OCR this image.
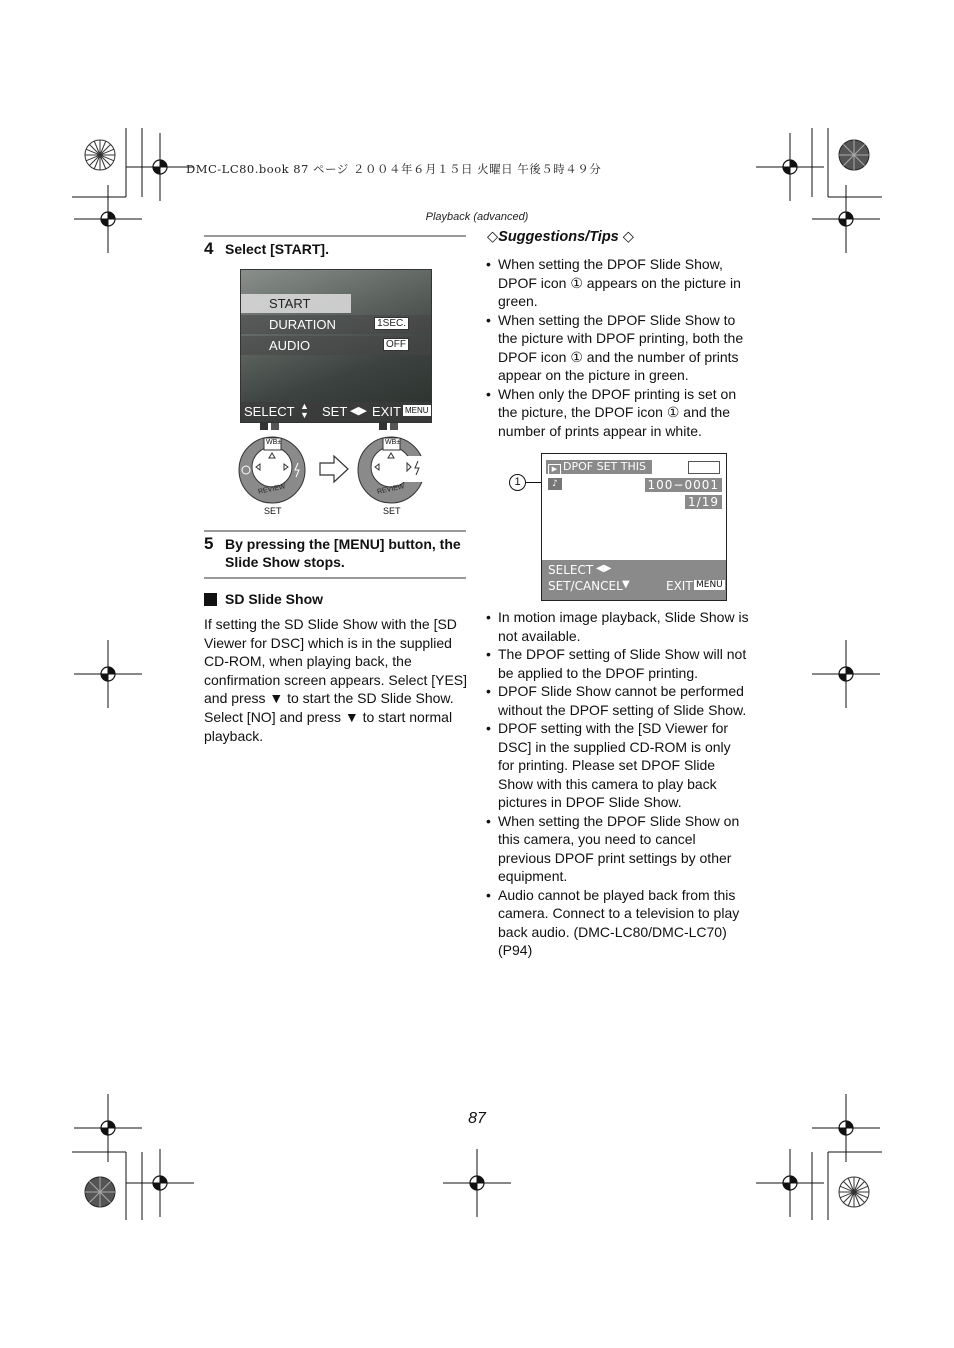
DMC-LC80.book 87 ページ ２００４年６月１５日 火曜日 午後５時４９分
Playback (advanced)
4 Select [START].
START
DURATION	1SEC.
AUDIO	OFF
SELECT ▲
▼ SET ◀▶ EXIT MENU
WB±	WB±
REVIEW	REVIEW
SET	SET
5 By pressing the [MENU] button, the Slide Show stops.
SD Slide Show
If setting the SD Slide Show with the [SD Viewer for DSC] which is in the supplied CD-ROM, when playing back, the confirmation screen appears. Select [YES] and press ▼ to start the SD Slide Show. Select [NO] and press ▼ to start normal playback.
◇Suggestions/Tips ◇
• When setting the DPOF Slide Show, DPOF icon ① appears on the picture in green.
• When setting the DPOF Slide Show to the picture with DPOF printing, both the DPOF icon ① and the number of prints appear on the picture in green.
• When only the DPOF printing is set on the picture, the DPOF icon ① and the number of prints appear in white.
1
▶ DPOF SET THIS
♪	100−0001
1/19
SELECT ◀▶
SET/CANCEL ▼	EXIT MENU
• In motion image playback, Slide Show is not available.
• The DPOF setting of Slide Show will not be applied to the DPOF printing.
• DPOF Slide Show cannot be performed without the DPOF setting of Slide Show.
• DPOF setting with the [SD Viewer for DSC] in the supplied CD-ROM is only for printing. Please set DPOF Slide Show with this camera to play back pictures in DPOF Slide Show.
• When setting the DPOF Slide Show on this camera, you need to cancel previous DPOF print settings by other equipment.
• Audio cannot be played back from this camera. Connect to a television to play back audio. (DMC-LC80/DMC-LC70) (P94)
87
